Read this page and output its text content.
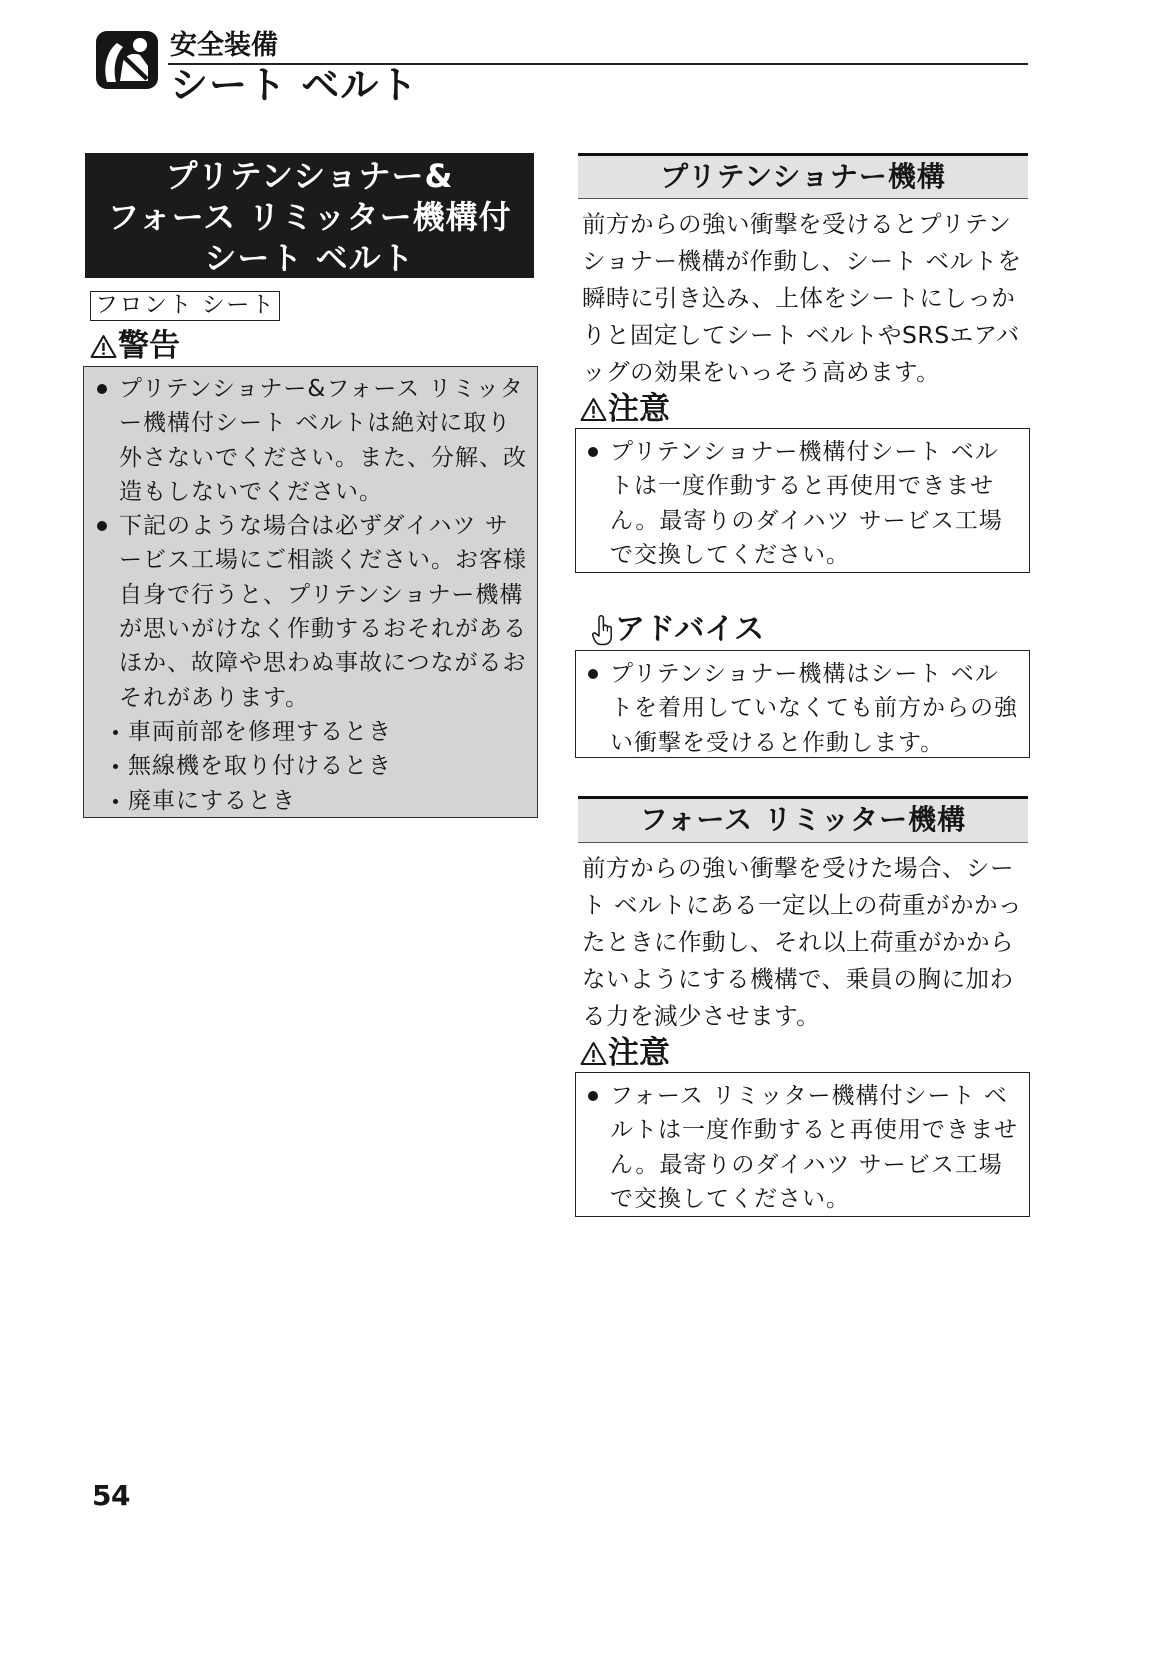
安全装備
シート ベルト
プリテンショナー&
フォース リミッター機構付
シート ベルト
フロント シート
警告
プリテンショナー&フォース リミッタ
ー機構付シート ベルトは絶対に取り
外さないでください。また、分解、改
造もしないでください。
下記のような場合は必ずダイハツ サ
ービス工場にご相談ください。お客様
自身で行うと、プリテンショナー機構
が思いがけなく作動するおそれがある
ほか、故障や思わぬ事故につながるお
それがあります。
車両前部を修理するとき
無線機を取り付けるとき
廃車にするとき
プリテンショナー機構
前方からの強い衝撃を受けるとプリテン
ショナー機構が作動し、シート ベルトを
瞬時に引き込み、上体をシートにしっか
りと固定してシート ベルトやSRSエアバ
ッグの効果をいっそう高めます。
注意
プリテンショナー機構付シート ベル
トは一度作動すると再使用できませ
ん。最寄りのダイハツ サービス工場
で交換してください。
アドバイス
プリテンショナー機構はシート ベル
トを着用していなくても前方からの強
い衝撃を受けると作動します。
フォース リミッター機構
前方からの強い衝撃を受けた場合、シー
ト ベルトにある一定以上の荷重がかかっ
たときに作動し、それ以上荷重がかから
ないようにする機構で、乗員の胸に加わ
る力を減少させます。
注意
フォース リミッター機構付シート ベ
ルトは一度作動すると再使用できませ
ん。最寄りのダイハツ サービス工場
で交換してください。
54
